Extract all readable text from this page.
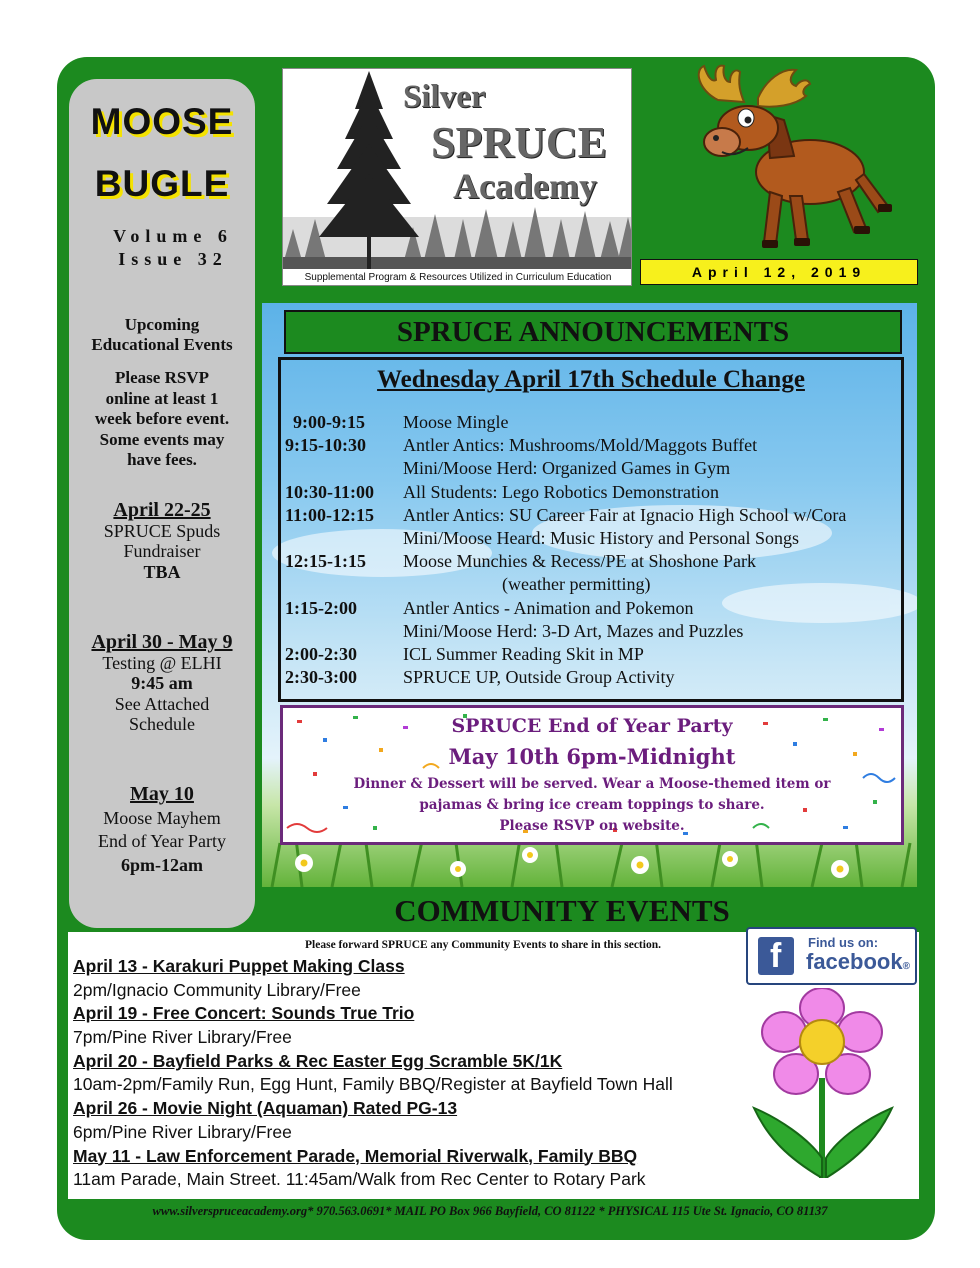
MOOSE
BUGLE
Volume 6
Issue 32
Upcoming
Educational Events
Please RSVP
online at least 1
week before event.
Some events may
have fees.
April 22-25
SPRUCE Spuds
Fundraiser
TBA
April 30 - May 9
Testing @ ELHI
9:45 am
See Attached
Schedule
May 10
Moose Mayhem
End of Year Party
6pm-12am
Silver
SPRUCE
Academy
Supplemental Program & Resources Utilized in Curriculum Education	April 12, 2019
SPRUCE ANNOUNCEMENTS
Wednesday April 17th Schedule Change
9:00-9:15	Moose Mingle
9:15-10:30	Antler Antics: Mushrooms/Mold/Maggots Buffet
Mini/Moose Herd: Organized Games in Gym
10:30-11:00	All Students: Lego Robotics Demonstration
11:00-12:15	Antler Antics: SU Career Fair at Ignacio High School w/Cora
Mini/Moose Heard: Music History and Personal Songs
12:15-1:15	Moose Munchies & Recess/PE at Shoshone Park
(weather permitting)
1:15-2:00	Antler Antics - Animation and Pokemon
Mini/Moose Herd: 3-D Art, Mazes and Puzzles
2:00-2:30	ICL Summer Reading Skit in MP
2:30-3:00	SPRUCE UP, Outside Group Activity
SPRUCE End of Year Party
May 10th 6pm-Midnight
Dinner & Dessert will be served. Wear a Moose-themed item or
pajamas & bring ice cream toppings to share.
Please RSVP on website.
COMMUNITY EVENTS
Please forward SPRUCE any Community Events to share in this section.
April 13 - Karakuri Puppet Making Class
2pm/Ignacio Community Library/Free
April 19 - Free Concert: Sounds True Trio
7pm/Pine River Library/Free
April 20 - Bayfield Parks & Rec Easter Egg Scramble 5K/1K
10am-2pm/Family Run, Egg Hunt, Family BBQ/Register at Bayfield Town Hall
April 26 - Movie Night (Aquaman) Rated PG-13
6pm/Pine River Library/Free
May 11 - Law Enforcement Parade, Memorial Riverwalk, Family BBQ
11am Parade, Main Street. 11:45am/Walk from Rec Center to Rotary Park
f Find us on:
facebook®
www.silverspruceacademy.org* 970.563.0691* MAIL PO Box 966 Bayfield, CO 81122 * PHYSICAL 115 Ute St. Ignacio, CO 81137
